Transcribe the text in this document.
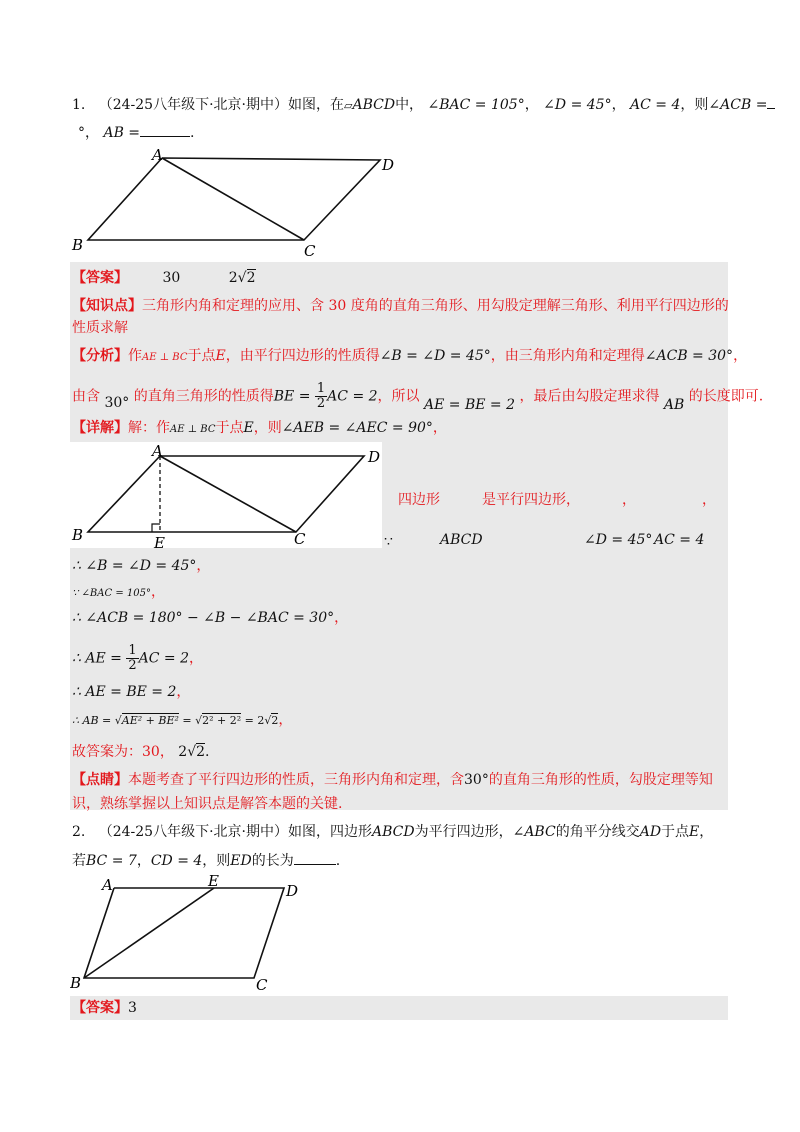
1. （24-25八年级下·北京·期中）如图，在▱ABCD中， ∠BAC = 105°， ∠D = 45°， AC = 4，则∠ACB =
°， AB =	.
A
D
B	C
【答案】 30	2√2
【知识点】三角形内角和定理的应用、含 30 度角的直角三角形、用勾股定理解三角形、利用平行四边形的
性质求解
【分析】作AE ⊥ BC于点E，由平行四边形的性质得∠B = ∠D = 45°，由三角形内角和定理得∠ACB = 30°，
由含 30° 的直角三角形的性质得BE = $\frac{1}{2}$ AC = 2，所以 AE = BE = 2 ，最后由勾股定理求得 AB 的长度即可.
【详解】解：作AE ⊥ BC于点E，则∠AEB = ∠AEC = 90°，
A	D
B	C
E
四边形	是平行四边形，	，	，
∵	ABCD	∠D = 45° AC = 4
∴ ∠B = ∠D = 45°，
∵ ∠BAC = 105°，
∴ ∠ACB = 180° − ∠B − ∠BAC = 30°，
∴ AE = $\frac{1}{2}$ AC = 2，
∴ AE = BE = 2，
∴ AB = √AE² + BE² = √2² + 2² = 2√2，
故答案为：30， 2√2.
【点睛】本题考查了平行四边形的性质，三角形内角和定理，含30°的直角三角形的性质，勾股定理等知
识，熟练掌握以上知识点是解答本题的关键.
2. （24-25八年级下·北京·期中）如图，四边形ABCD为平行四边形，∠ABC的角平分线交AD于点E，
若BC = 7，CD = 4，则ED的长为	.
A	E
D
B	C
【答案】3
